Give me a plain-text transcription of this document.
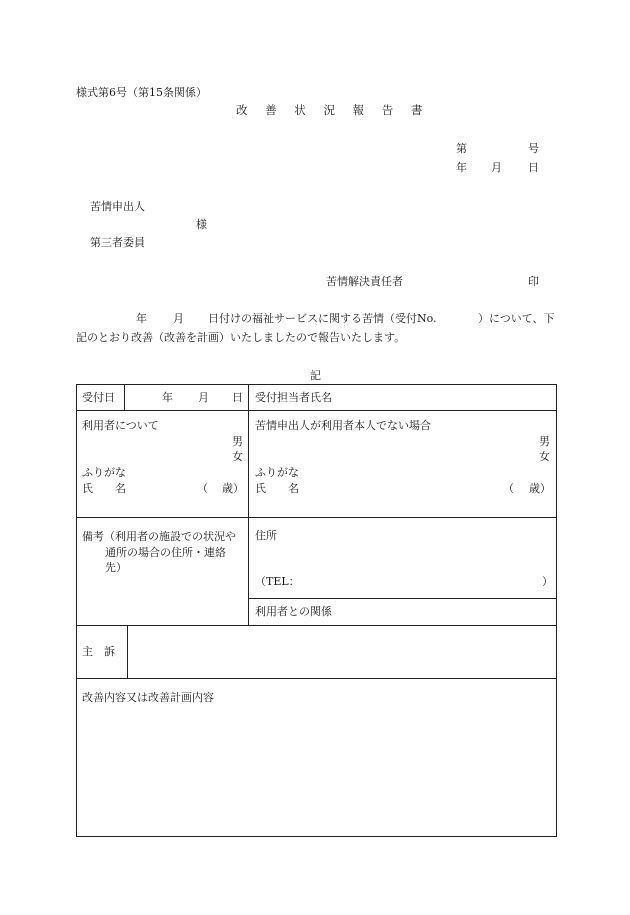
様式第6号（第15条関係）
改 善 状 況 報 告 書
第	号
年 月 日
苦情申出人
様
第三者委員
苦情解決責任者	印
年 月 日付けの福祉サービスに関する苦情（受付No.	）について、下
記のとおり改善（改善を計画）いたしましたので報告いたします。
記
受付日	年 月 日 受付担当者氏名
利用者について
男
女
ふりがな
氏　　名	（ 歳）
苦情申出人が利用者本人でない場合
男
女
ふりがな
氏　　名	（ 歳）
備考（利用者の施設での状況や
通所の場合の住所・連絡
先）
住所
（TEL：	）
利用者との関係
主　訴
改善内容又は改善計画内容
